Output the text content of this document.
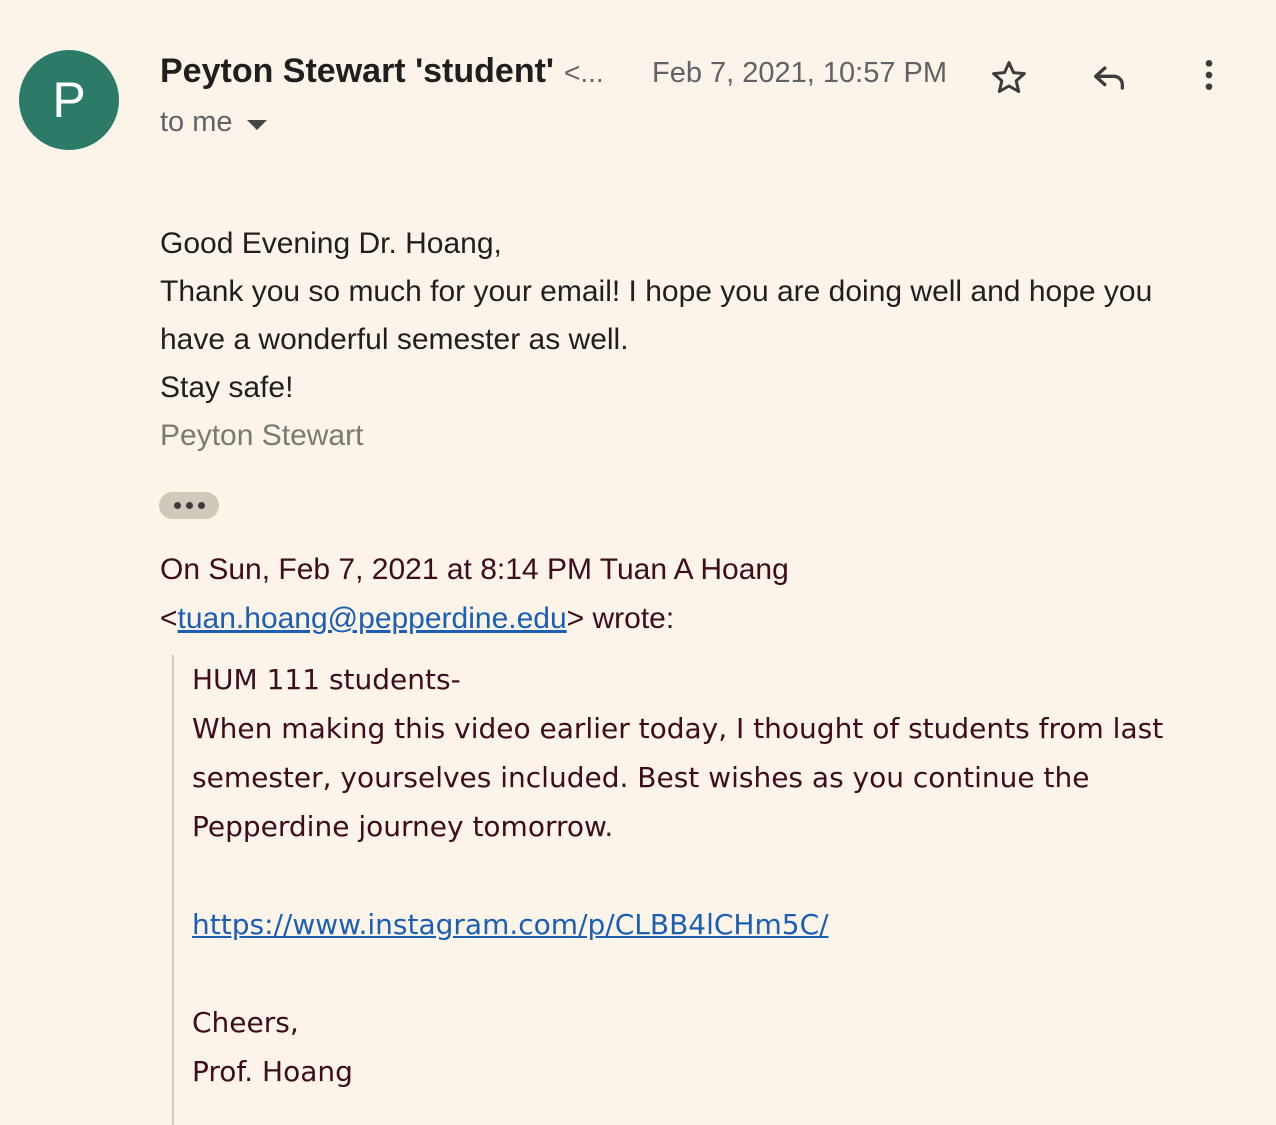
P
Peyton Stewart 'student' <... Feb 7, 2021, 10:57 PM
to me

Good Evening Dr. Hoang,

Thank you so much for your email! I hope you are doing well and hope you

have a wonderful semester as well.

Stay safe!

Peyton Stewart

On Sun, Feb 7, 2021 at 8:14 PM Tuan A Hoang

<tuan.hoang@pepperdine.edu> wrote:

HUM 111 students-

When making this video earlier today, I thought of students from last

semester, yourselves included. Best wishes as you continue the

Pepperdine journey tomorrow.

https://www.instagram.com/p/CLBB4lCHm5C/

Cheers,

Prof. Hoang
